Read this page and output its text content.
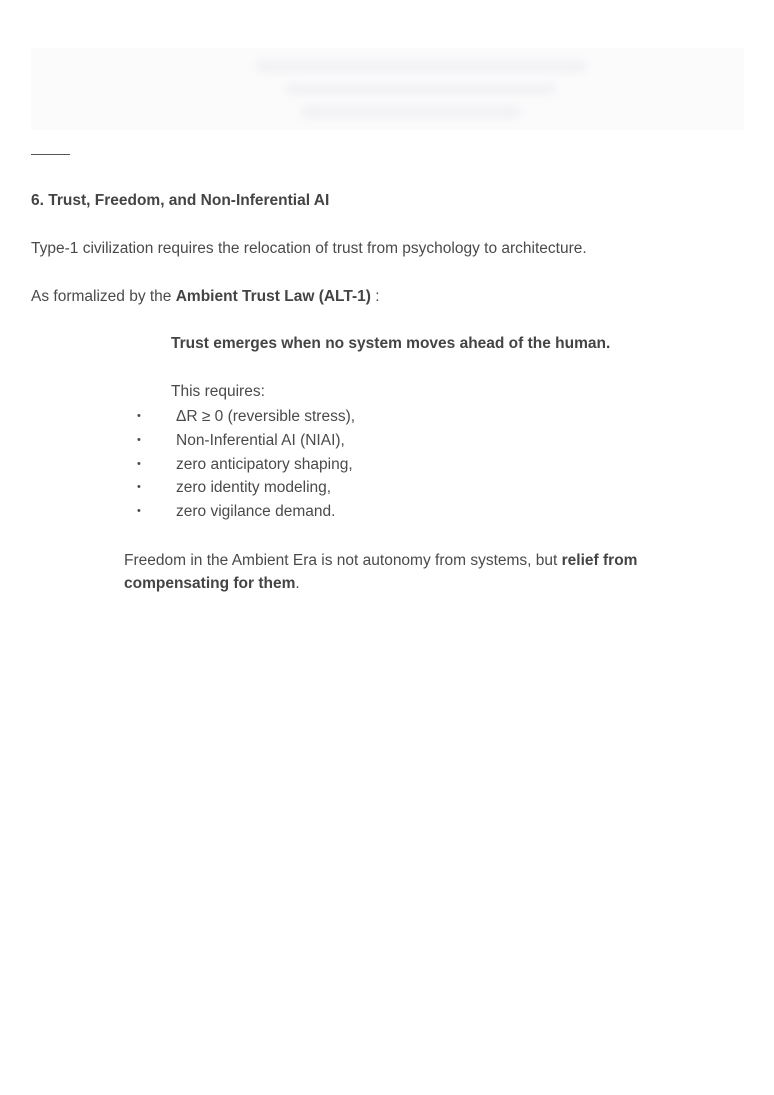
6. Trust, Freedom, and Non-Inferential AI
Type-1 civilization requires the relocation of trust from psychology to architecture.
As formalized by the Ambient Trust Law (ALT-1) :
Trust emerges when no system moves ahead of the human.
This requires:
•	ΔR ≥ 0 (reversible stress),
•	Non-Inferential AI (NIAI),
•	zero anticipatory shaping,
•	zero identity modeling,
•	zero vigilance demand.
Freedom in the Ambient Era is not autonomy from systems, but relief from compensating for them.
